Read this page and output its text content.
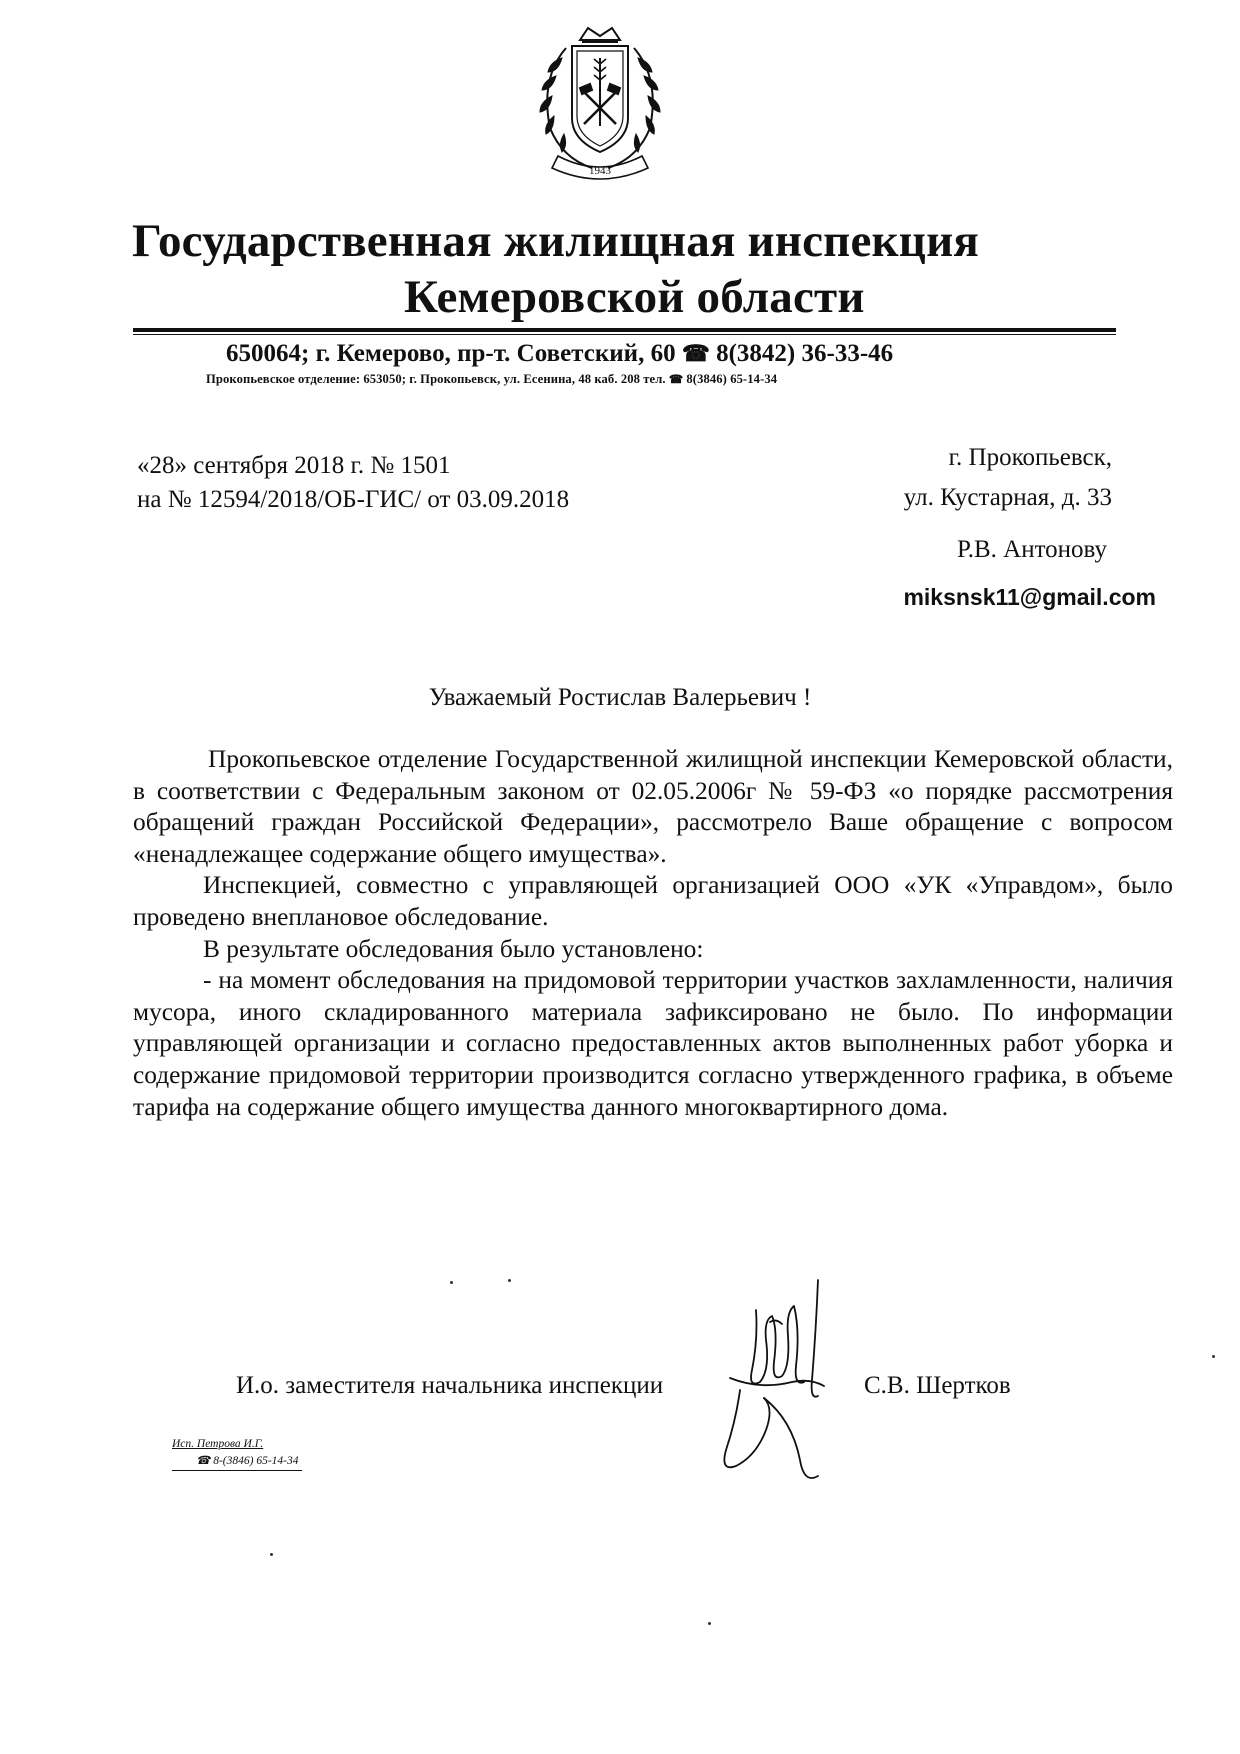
1943
Государственная жилищная инспекция
Кемеровской области
650064; г. Кемерово, пр-т. Советский, 60 ☎ 8(3842) 36-33-46
Прокопьевское отделение: 653050; г. Прокопьевск, ул. Есенина, 48 каб. 208 тел. ☎ 8(3846) 65-14-34
«28» сентября 2018 г. № 1501
на № 12594/2018/ОБ-ГИС/ от 03.09.2018
г. Прокопьевск,
ул. Кустарная, д. 33
Р.В. Антонову
miksnsk11@gmail.com
Уважаемый Ростислав Валерьевич !

Прокопьевское отделение Государственной жилищной инспекции Кемеровской области, в соответствии с Федеральным законом от 02.05.2006г № 59-ФЗ «о порядке рассмотрения обращений граждан Российской Федерации», рассмотрело Ваше обращение с вопросом «ненадлежащее содержание общего имущества».

Инспекцией, совместно с управляющей организацией ООО «УК «Управдом», было проведено внеплановое обследование.

В результате обследования было установлено:

- на момент обследования на придомовой территории участков захламленности, наличия мусора, иного складированного материала зафиксировано не было. По информации управляющей организации и согласно предоставленных актов выполненных работ уборка и содержание придомовой территории производится согласно утвержденного графика, в объеме тарифа на содержание общего имущества данного многоквартирного дома.

И.о. заместителя начальника инспекции	С.В. Шертков
Исп. Петрова И.Г.
☎ 8-(3846) 65-14-34
